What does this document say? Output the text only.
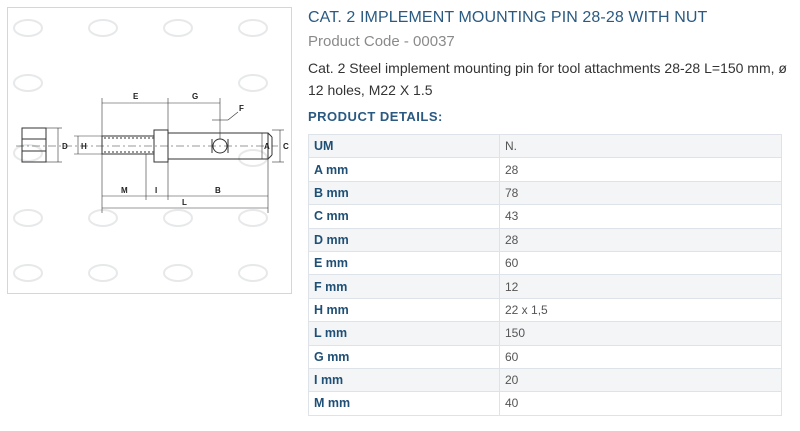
E	G
F
M	I	B
L
D H	A C
CAT. 2 IMPLEMENT MOUNTING PIN 28-28 WITH NUT
Product Code - 00037
Cat. 2 Steel implement mounting pin for tool attachments 28-28 L=150 mm, ø 12 holes, M22 X 1.5
PRODUCT DETAILS:
UM	N.
A mm	28
B mm	78
C mm	43
D mm	28
E mm	60
F mm	12
H mm	22 x 1,5
L mm	150
G mm	60
I mm	20
M mm	40
